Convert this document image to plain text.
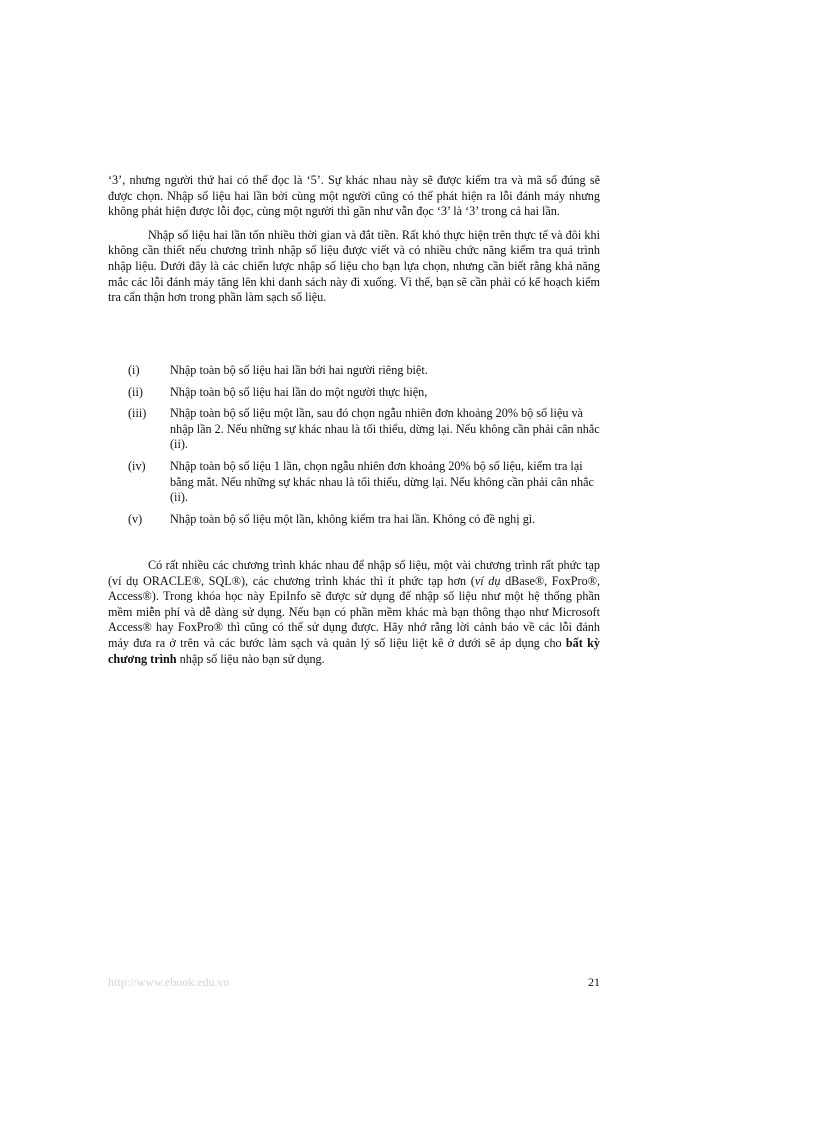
‘3’, nhưng người thứ hai có thể đọc là ‘5’. Sự khác nhau này sẽ được kiểm tra và mã số đúng sẽ được chọn. Nhập số liệu hai lần bởi cùng một người cũng có thể phát hiện ra lỗi đánh máy nhưng không phát hiện được lỗi đọc, cùng một người thì gần như vẫn đọc ‘3’ là ‘3’ trong cả hai lần.

Nhập số liệu hai lần tốn nhiều thời gian và đắt tiền. Rất khó thực hiện trên thực tế và đôi khi không cần thiết nếu chương trình nhập số liệu được viết và có nhiều chức năng kiểm tra quá trình nhập liệu. Dưới đây là các chiến lược nhập số liệu cho bạn lựa chọn, nhưng cần biết rằng khả năng mắc các lỗi đánh máy tăng lên khi danh sách này đi xuống. Vì thế, bạn sẽ cần phải có kế hoạch kiểm tra cẩn thận hơn trong phần làm sạch số liệu.

(i) Nhập toàn bộ số liệu hai lần bởi hai người riêng biệt.
(ii) Nhập toàn bộ số liệu hai lần do một người thực hiện,
(iii) Nhập toàn bộ số liệu một lần, sau đó chọn ngẫu nhiên đơn khoảng 20% bộ số liệu và nhập lần 2. Nếu những sự khác nhau là tối thiểu, dừng lại. Nếu không cần phải cân nhắc (ii).
(iv) Nhập toàn bộ số liệu 1 lần, chọn ngẫu nhiên đơn khoảng 20% bộ số liệu, kiểm tra lại bằng mắt. Nếu những sự khác nhau là tối thiểu, dừng lại. Nếu không cần phải cân nhắc (ii).
(v) Nhập toàn bộ số liệu một lần, không kiểm tra hai lần. Không có đề nghị gì.

Có rất nhiều các chương trình khác nhau để nhập số liệu, một vài chương trình rất phức tạp (ví dụ ORACLE®, SQL®), các chương trình khác thì ít phức tạp hơn (ví dụ dBase®, FoxPro®, Access®). Trong khóa học này EpiInfo sẽ được sử dụng để nhập số liệu như một hệ thống phần mềm miễn phí và dễ dàng sử dụng. Nếu bạn có phần mềm khác mà bạn thông thạo như Microsoft Access® hay FoxPro® thì cũng có thể sử dụng được. Hãy nhớ rằng lời cảnh báo về các lỗi đánh máy đưa ra ở trên và các bước làm sạch và quản lý số liệu liệt kê ở dưới sẽ áp dụng cho bất kỳ chương trình nhập số liệu nào bạn sử dụng.

http://www.ebook.edu.vn	21
